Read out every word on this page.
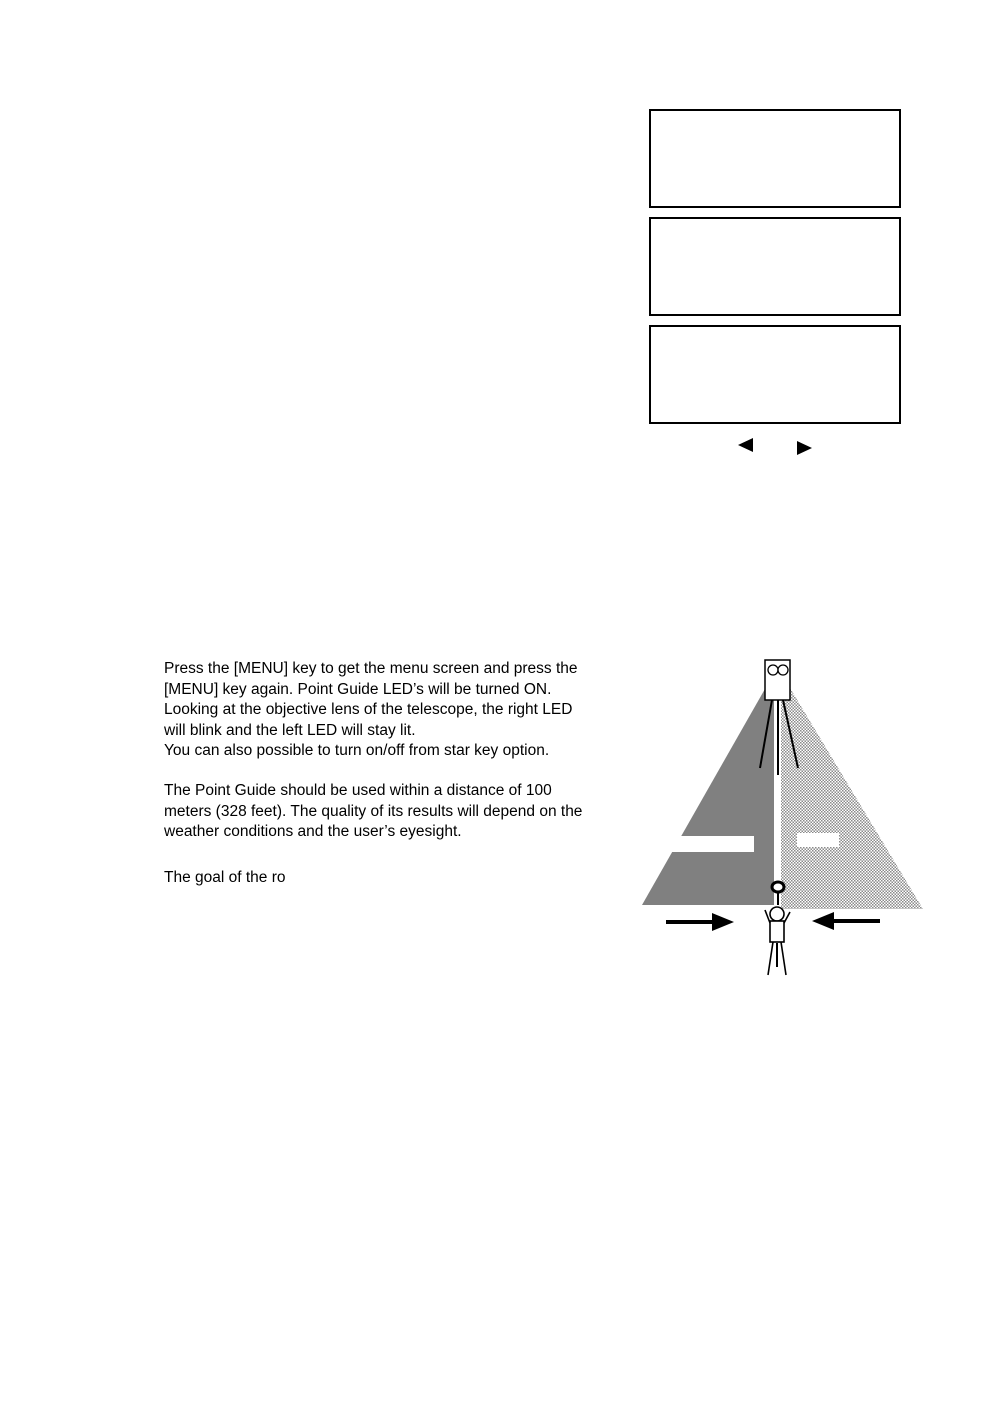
Press the [MENU] key to get the menu screen and press the

[MENU] key again. Point Guide LED’s will be turned ON.

Looking at the objective lens of the telescope, the right LED

will blink and the left LED will stay lit.

You can also possible to turn on/off from star key option.

The Point Guide should be used within a distance of 100

meters (328 feet). The quality of its results will depend on the

weather conditions and the user’s eyesight.

The goal of the ro
